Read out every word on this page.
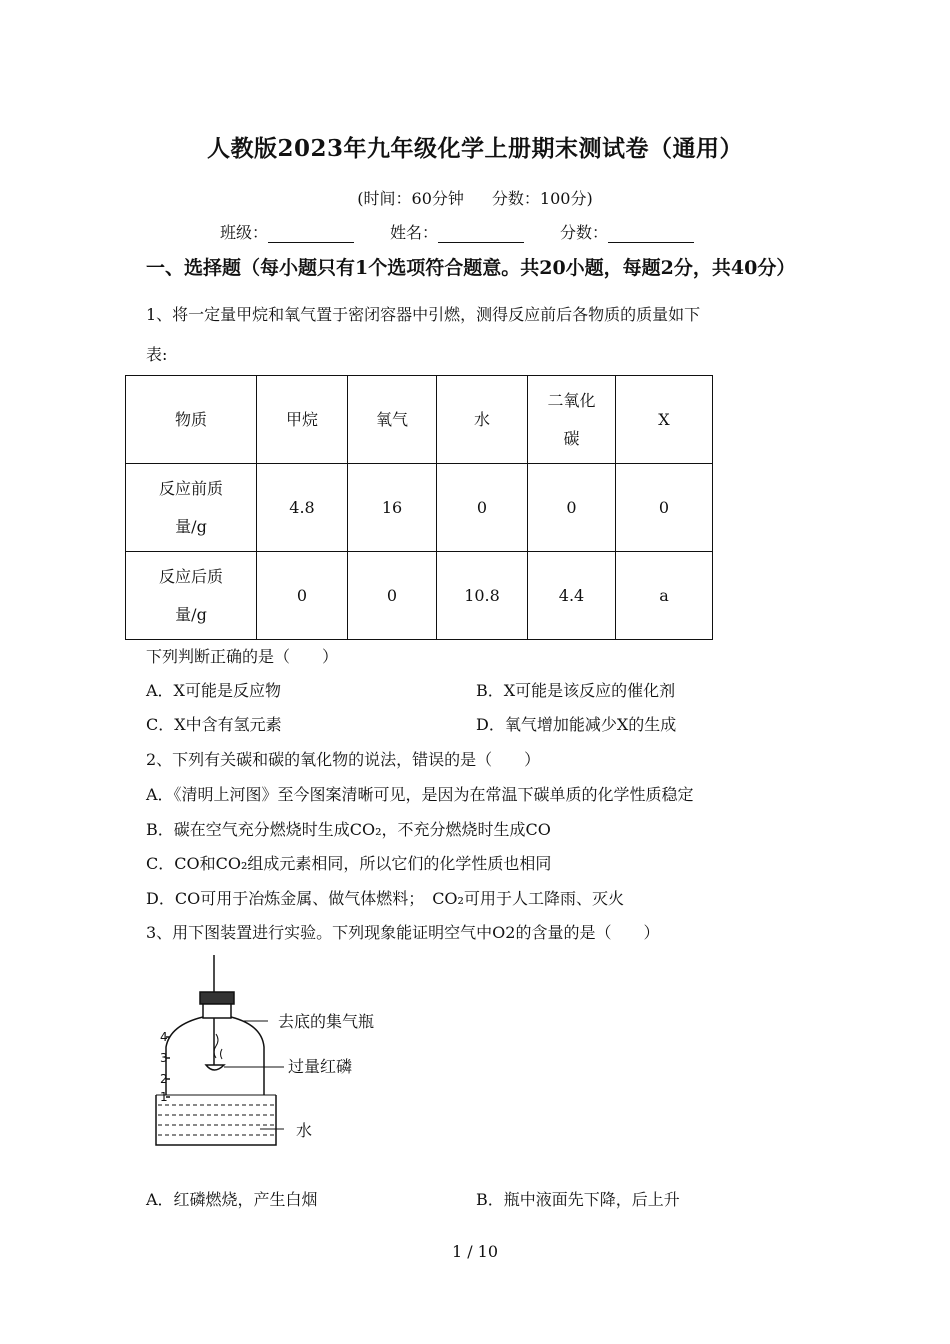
人教版2023年九年级化学上册期末测试卷（通用）
(时间：60分钟 分数：100分)
班级：	姓名：	分数：
一、选择题（每小题只有1个选项符合题意。共20小题，每题2分，共40分）
1、将一定量甲烷和氧气置于密闭容器中引燃，测得反应前后各物质的质量如下
表:
物质	甲烷	氧气	水	二氧化碳	X
反应前质量/g	4.8	16	0	0	0
反应后质量/g	0	0	10.8	4.4	a
下列判断正确的是（　　）
A．X可能是反应物	B．X可能是该反应的催化剂
C．X中含有氢元素	D．氧气增加能减少X的生成
2、下列有关碳和碳的氧化物的说法，错误的是（　　）
A．《清明上河图》至今图案清晰可见，是因为在常温下碳单质的化学性质稳定
B．碳在空气充分燃烧时生成CO₂，不充分燃烧时生成CO
C．CO和CO₂组成元素相同，所以它们的化学性质也相同
D．CO可用于冶炼金属、做气体燃料；　CO₂可用于人工降雨、灭火
3、用下图装置进行实验。下列现象能证明空气中O2的含量的是（　　）
4
3
2
1
去底的集气瓶
过量红磷
水
A．红磷燃烧，产生白烟	B．瓶中液面先下降，后上升
1 / 10
